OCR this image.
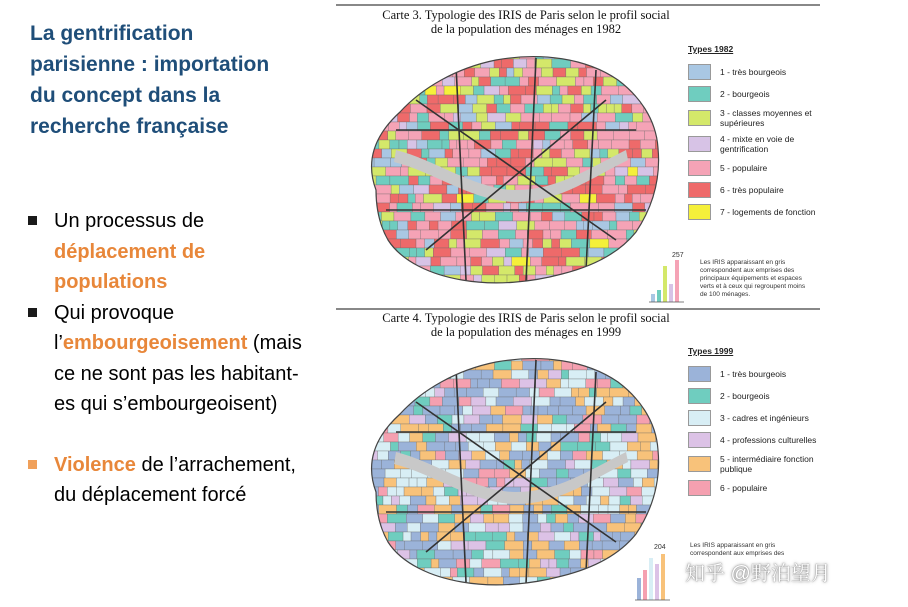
La gentrification
parisienne : importation
du concept dans la
recherche française
Un processus de
déplacement de
populations
Qui provoque
l’embourgeoisement (mais
ce ne sont pas les habitant-
es qui s’embourgeoisent)
Violence de l’arrachement,
du déplacement forcé
Carte 3. Typologie des IRIS de Paris selon le profil social
de la population des ménages en 1982
Types 1982
1 - très bourgeois
2 - bourgeois
3 - classes moyennes et supérieures
4 - mixte en voie de gentrification
5 - populaire
6 - très populaire
7 - logements de fonction
257
Les IRIS apparaissant en gris correspondent aux emprises des principaux équipements et espaces verts et à ceux qui regroupent moins de 100 ménages.
Carte 4. Typologie des IRIS de Paris selon le profil social
de la population des ménages en 1999
Types 1999
1 - très bourgeois
2 - bourgeois
3 - cadres et ingénieurs
4 - professions culturelles
5 - intermédiaire fonction publique
6 - populaire
204	Les IRIS apparaissant en gris correspondent aux emprises des
知乎 @野泊望月
